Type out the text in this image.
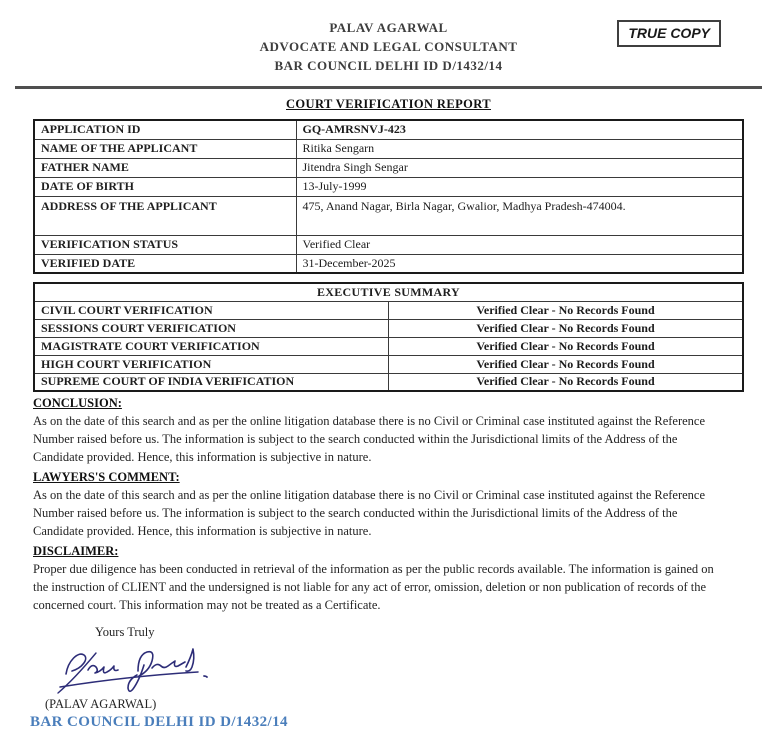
PALAV AGARWAL
ADVOCATE AND LEGAL CONSULTANT
BAR COUNCIL DELHI ID D/1432/14
TRUE COPY
COURT VERIFICATION REPORT
APPLICATION ID	GQ-AMRSNVJ-423
NAME OF THE APPLICANT	Ritika Sengarn
FATHER NAME	Jitendra Singh Sengar
DATE OF BIRTH	13-July-1999
ADDRESS OF THE APPLICANT	475, Anand Nagar, Birla Nagar, Gwalior, Madhya Pradesh-474004.
VERIFICATION STATUS	Verified Clear
VERIFIED DATE	31-December-2025
EXECUTIVE SUMMARY	
CIVIL COURT VERIFICATION	Verified Clear - No Records Found
SESSIONS COURT VERIFICATION	Verified Clear - No Records Found
MAGISTRATE COURT VERIFICATION	Verified Clear - No Records Found
HIGH COURT VERIFICATION	Verified Clear - No Records Found
SUPREME COURT OF INDIA VERIFICATION	Verified Clear - No Records Found
CONCLUSION:
As on the date of this search and as per the online litigation database there is no Civil or Criminal case instituted against the Reference
Number raised before us. The information is subject to the search conducted within the Jurisdictional limits of the Address of the
Candidate provided. Hence, this information is subjective in nature.
LAWYERS'S COMMENT:
As on the date of this search and as per the online litigation database there is no Civil or Criminal case instituted against the Reference
Number raised before us. The information is subject to the search conducted within the Jurisdictional limits of the Address of the
Candidate provided. Hence, this information is subjective in nature.
DISCLAIMER:
Proper due diligence has been conducted in retrieval of the information as per the public records available. The information is gained on
the instruction of CLIENT and the undersigned is not liable for any act of error, omission, deletion or non publication of records of the
concerned court. This information may not be treated as a Certificate.
Yours Truly
(PALAV AGARWAL)
BAR COUNCIL DELHI ID D/1432/14
